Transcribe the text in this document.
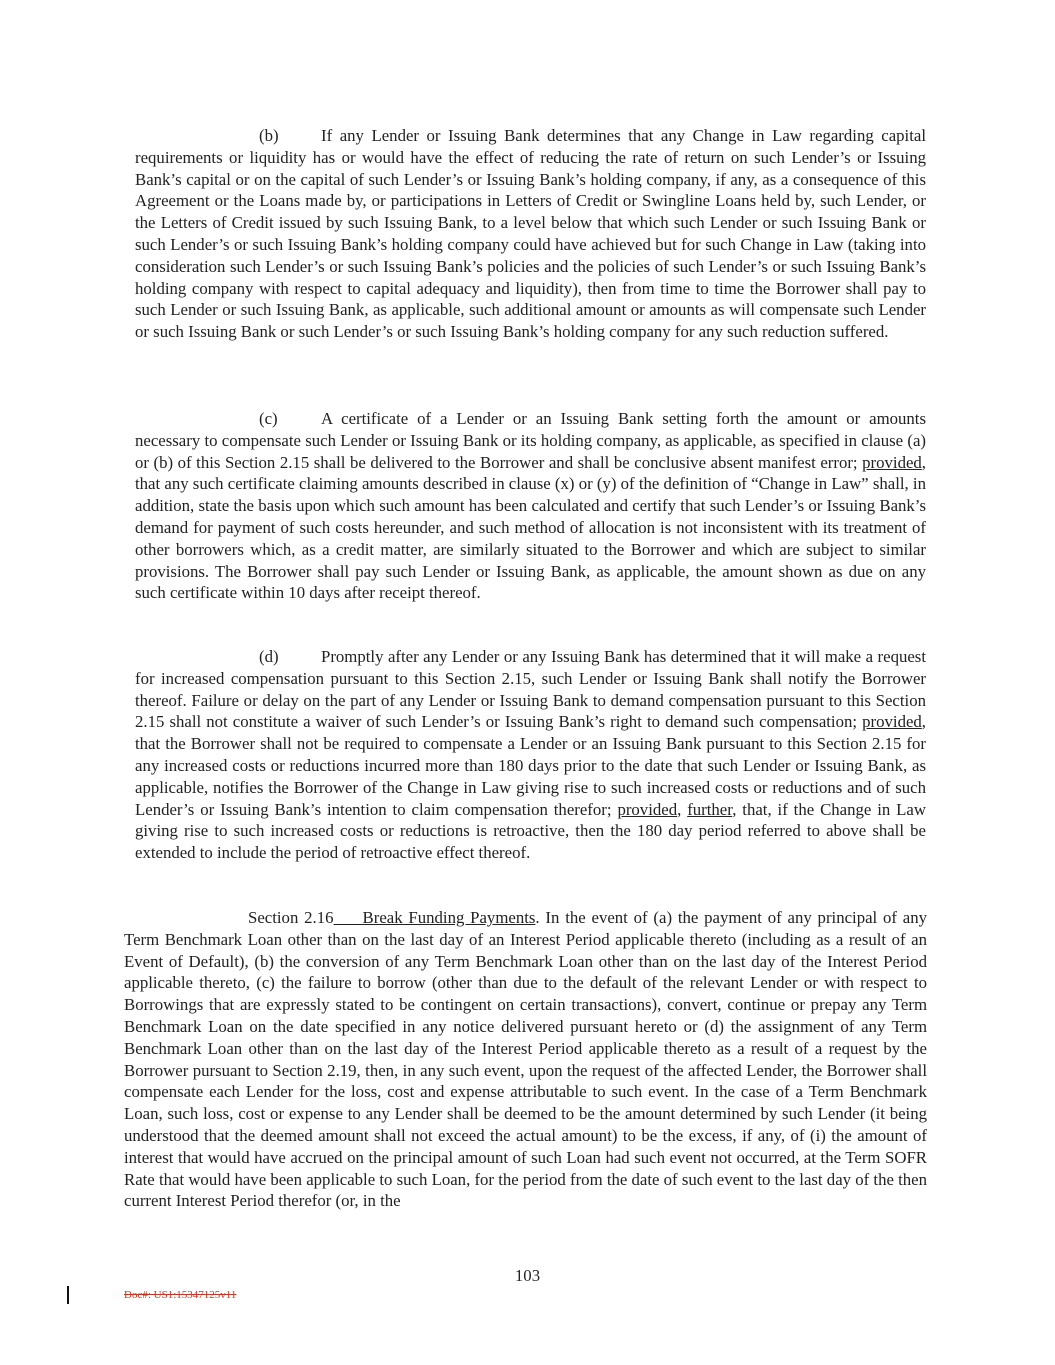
(b)	If any Lender or Issuing Bank determines that any Change in Law regarding capital requirements or liquidity has or would have the effect of reducing the rate of return on such Lender’s or Issuing Bank’s capital or on the capital of such Lender’s or Issuing Bank’s holding company, if any, as a consequence of this Agreement or the Loans made by, or participations in Letters of Credit or Swingline Loans held by, such Lender, or the Letters of Credit issued by such Issuing Bank, to a level below that which such Lender or such Issuing Bank or such Lender’s or such Issuing Bank’s holding company could have achieved but for such Change in Law (taking into consideration such Lender’s or such Issuing Bank’s policies and the policies of such Lender’s or such Issuing Bank’s holding company with respect to capital adequacy and liquidity), then from time to time the Borrower shall pay to such Lender or such Issuing Bank, as applicable, such additional amount or amounts as will compensate such Lender or such Issuing Bank or such Lender’s or such Issuing Bank’s holding company for any such reduction suffered.

(c)	A certificate of a Lender or an Issuing Bank setting forth the amount or amounts necessary to compensate such Lender or Issuing Bank or its holding company, as applicable, as specified in clause (a) or (b) of this Section 2.15 shall be delivered to the Borrower and shall be conclusive absent manifest error; provided, that any such certificate claiming amounts described in clause (x) or (y) of the definition of “Change in Law” shall, in addition, state the basis upon which such amount has been calculated and certify that such Lender’s or Issuing Bank’s demand for payment of such costs hereunder, and such method of allocation is not inconsistent with its treatment of other borrowers which, as a credit matter, are similarly situated to the Borrower and which are subject to similar provisions. The Borrower shall pay such Lender or Issuing Bank, as applicable, the amount shown as due on any such certificate within 10 days after receipt thereof.

(d)	Promptly after any Lender or any Issuing Bank has determined that it will make a request for increased compensation pursuant to this Section 2.15, such Lender or Issuing Bank shall notify the Borrower thereof. Failure or delay on the part of any Lender or Issuing Bank to demand compensation pursuant to this Section 2.15 shall not constitute a waiver of such Lender’s or Issuing Bank’s right to demand such compensation; provided, that the Borrower shall not be required to compensate a Lender or an Issuing Bank pursuant to this Section 2.15 for any increased costs or reductions incurred more than 180 days prior to the date that such Lender or Issuing Bank, as applicable, notifies the Borrower of the Change in Law giving rise to such increased costs or reductions and of such Lender’s or Issuing Bank’s intention to claim compensation therefor; provided, further, that, if the Change in Law giving rise to such increased costs or reductions is retroactive, then the 180 day period referred to above shall be extended to include the period of retroactive effect thereof.

Section 2.16 Break Funding Payments. In the event of (a) the payment of any principal of any Term Benchmark Loan other than on the last day of an Interest Period applicable thereto (including as a result of an Event of Default), (b) the conversion of any Term Benchmark Loan other than on the last day of the Interest Period applicable thereto, (c) the failure to borrow (other than due to the default of the relevant Lender or with respect to Borrowings that are expressly stated to be contingent on certain transactions), convert, continue or prepay any Term Benchmark Loan on the date specified in any notice delivered pursuant hereto or (d) the assignment of any Term Benchmark Loan other than on the last day of the Interest Period applicable thereto as a result of a request by the Borrower pursuant to Section 2.19, then, in any such event, upon the request of the affected Lender, the Borrower shall compensate each Lender for the loss, cost and expense attributable to such event. In the case of a Term Benchmark Loan, such loss, cost or expense to any Lender shall be deemed to be the amount determined by such Lender (it being understood that the deemed amount shall not exceed the actual amount) to be the excess, if any, of (i) the amount of interest that would have accrued on the principal amount of such Loan had such event not occurred, at the Term SOFR Rate that would have been applicable to such Loan, for the period from the date of such event to the last day of the then current Interest Period therefor (or, in the

103
Doc#: US1:15347125v11
